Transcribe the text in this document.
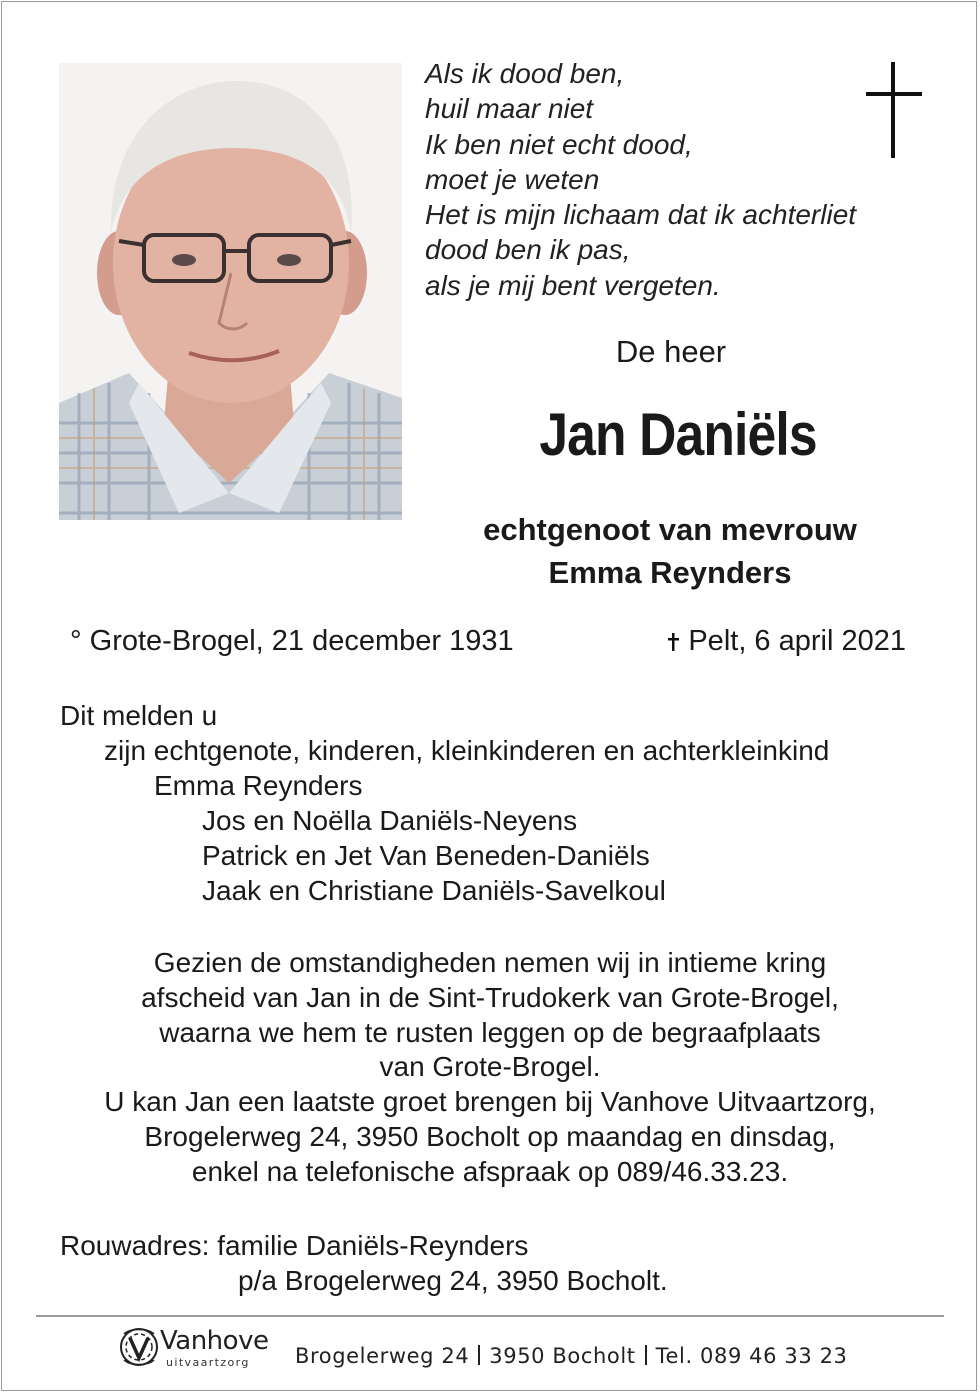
Als ik dood ben,
huil maar niet
Ik ben niet echt dood,
moet je weten
Het is mijn lichaam dat ik achterliet
dood ben ik pas,
als je mij bent vergeten.
De heer
Jan Daniëls
echtgenoot van mevrouw
Emma Reynders
° Grote-Brogel, 21 december 1931	Pelt, 6 april 2021
Dit melden u
zijn echtgenote, kinderen, kleinkinderen en achterkleinkind
Emma Reynders
Jos en Noëlla Daniëls-Neyens
Patrick en Jet Van Beneden-Daniëls
Jaak en Christiane Daniëls-Savelkoul
Gezien de omstandigheden nemen wij in intieme kring
afscheid van Jan in de Sint-Trudokerk van Grote-Brogel,
waarna we hem te rusten leggen op de begraafplaats
van Grote-Brogel.
U kan Jan een laatste groet brengen bij Vanhove Uitvaartzorg,
Brogelerweg 24, 3950 Bocholt op maandag en dinsdag,
enkel na telefonische afspraak op 089/46.33.23.
Rouwadres: familie Daniëls-Reynders
p/a Brogelerweg 24, 3950 Bocholt.
Vanhove
uitvaartzorg Brogelerweg 24 3950 Bocholt Tel. 089 46 33 23
